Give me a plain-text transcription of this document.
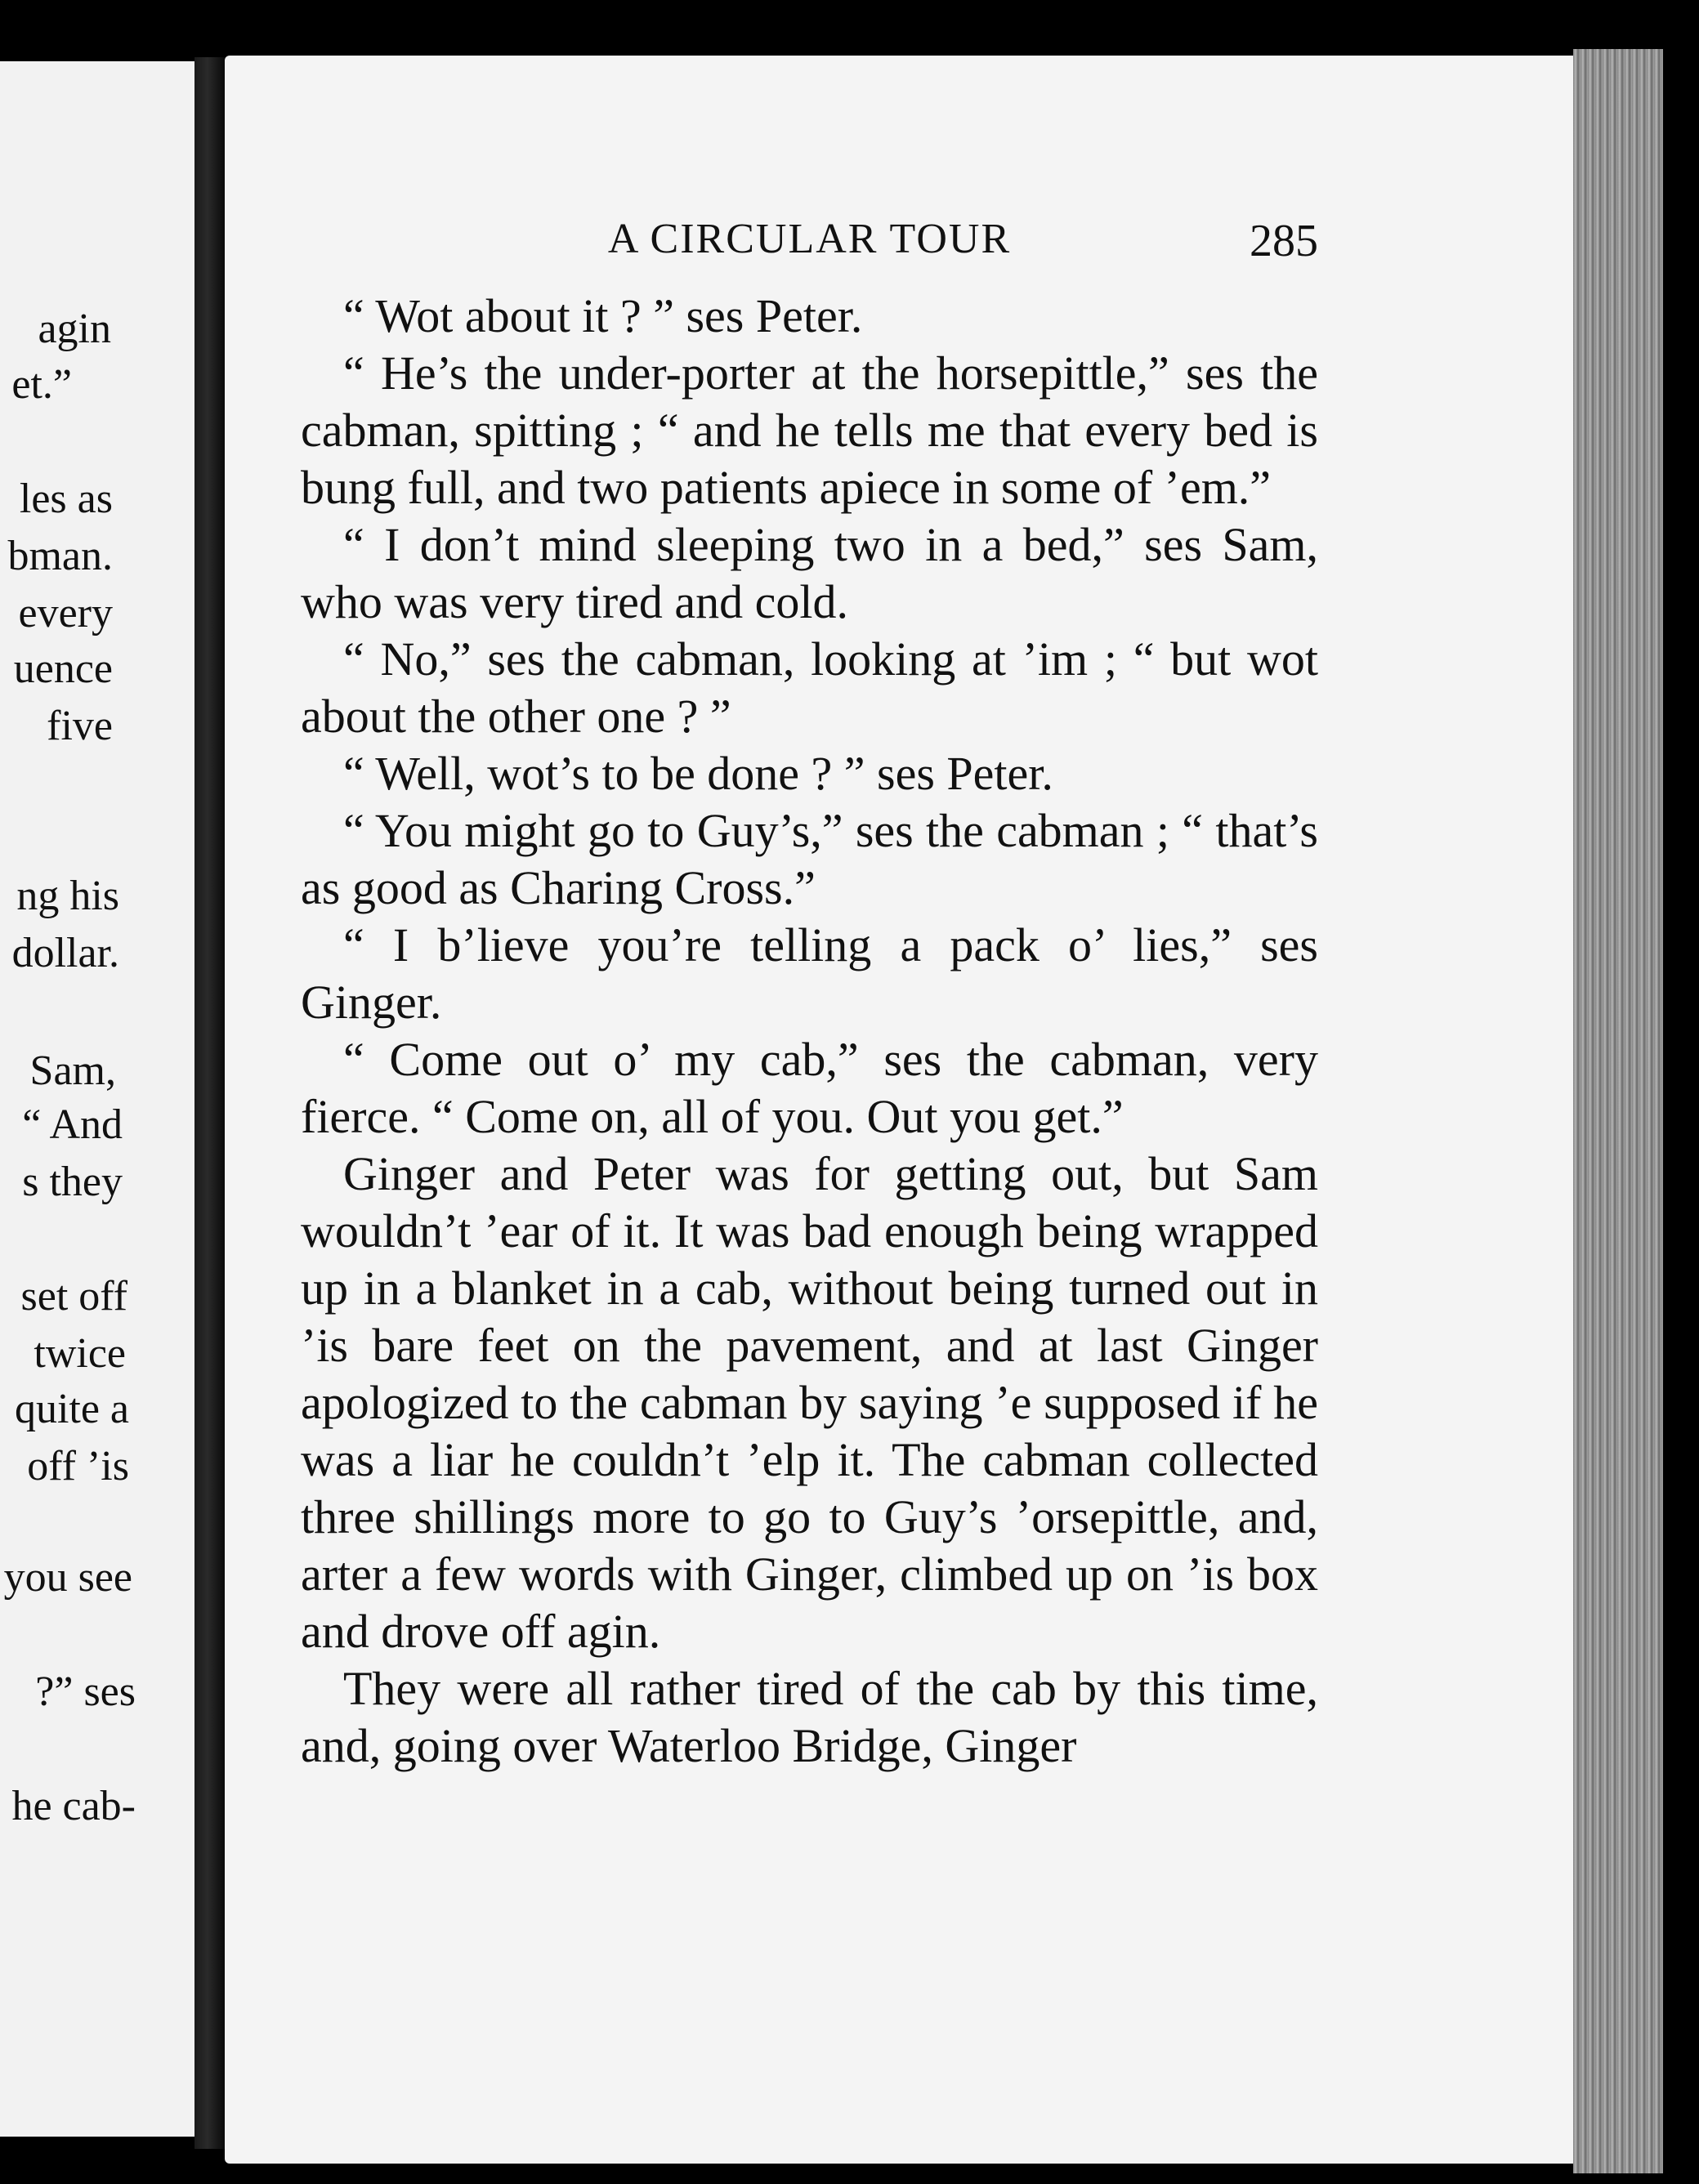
agin
et.”
les as
bman.
every
uence
five
ng his
dollar.
Sam,
“ And
s they
set off
twice
quite a
off ’is
you see
?” ses
he cab-
A CIRCULAR TOUR	285

“ Wot about it ? ” ses Peter.

“ He’s the under-porter at the horsepittle,” ses the cabman, spitting ; “ and he tells me that every bed is bung full, and two patients apiece in some of ’em.”

“ I don’t mind sleeping two in a bed,” ses Sam, who was very tired and cold.

“ No,” ses the cabman, looking at ’im ; “ but wot about the other one ? ”

“ Well, wot’s to be done ? ” ses Peter.

“ You might go to Guy’s,” ses the cabman ; “ that’s as good as Charing Cross.”

“ I b’lieve you’re telling a pack o’ lies,” ses Ginger.

“ Come out o’ my cab,” ses the cabman, very fierce. “ Come on, all of you. Out you get.”

Ginger and Peter was for getting out, but Sam wouldn’t ’ear of it. It was bad enough being wrapped up in a blanket in a cab, without being turned out in ’is bare feet on the pavement, and at last Ginger apologized to the cabman by saying ’e supposed if he was a liar he couldn’t ’elp it. The cabman collected three shillings more to go to Guy’s ’orsepittle, and, arter a few words with Ginger, climbed up on ’is box and drove off agin.

They were all rather tired of the cab by this time, and, going over Waterloo Bridge, Ginger
